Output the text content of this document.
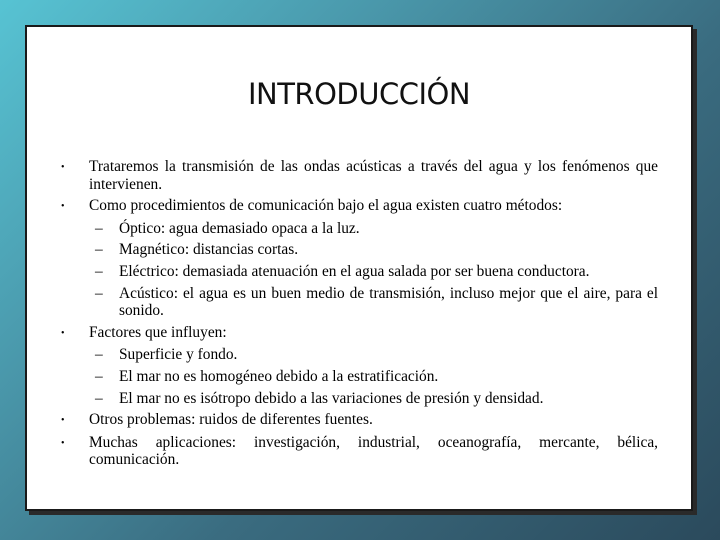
INTRODUCCIÓN
•	Trataremos la transmisión de las ondas acústicas a través del agua y los fenómenos que intervienen.
•	Como procedimientos de comunicación bajo el agua existen cuatro métodos:
–	Óptico: agua demasiado opaca a la luz.
–	Magnético: distancias cortas.
–	Eléctrico: demasiada atenuación en el agua salada por ser buena conductora.
–	Acústico: el agua es un buen medio de transmisión, incluso mejor que el aire, para el sonido.
•	Factores que influyen:
–	Superficie y fondo.
–	El mar no es homogéneo debido a la estratificación.
–	El mar no es isótropo debido a las variaciones de presión y densidad.
•	Otros problemas: ruidos de diferentes fuentes.
•	Muchas aplicaciones: investigación, industrial, oceanografía, mercante, bélica, comunicación.
